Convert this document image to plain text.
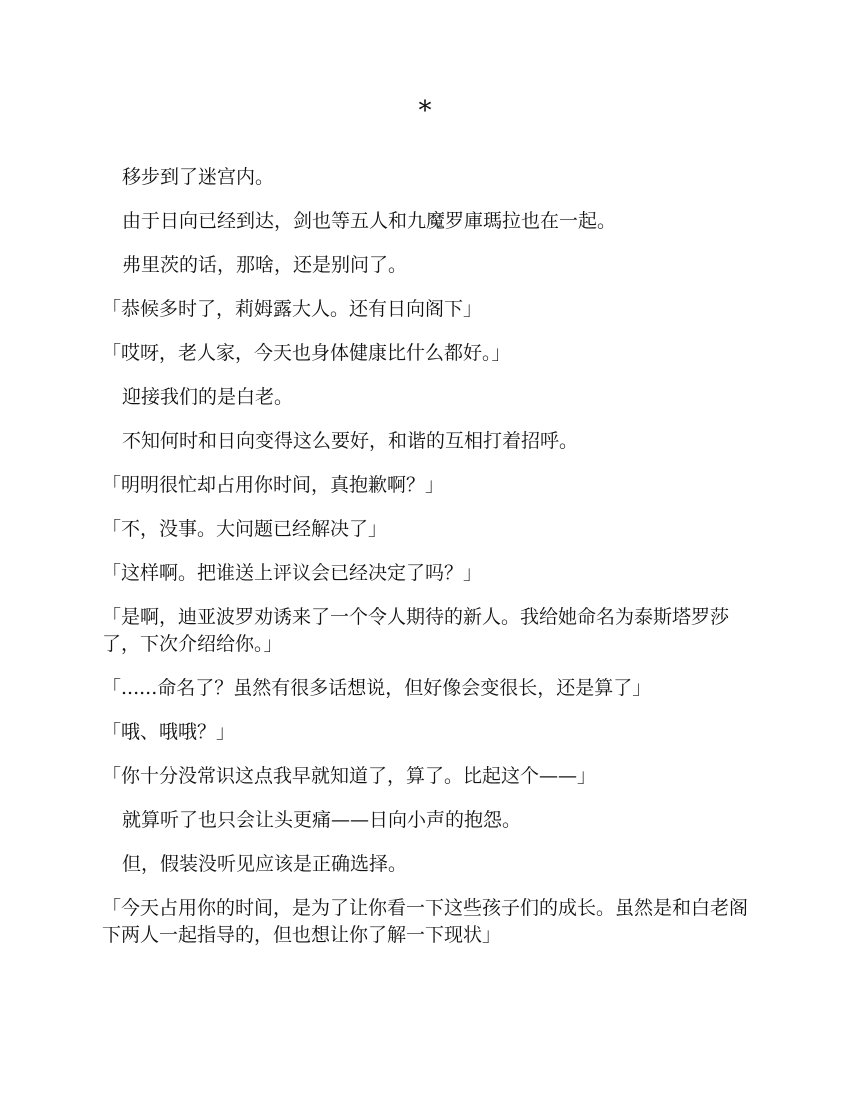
*

移步到了迷宫内。

由于日向已经到达，剑也等五人和九魔罗庫瑪拉也在一起。

弗里茨的话，那啥，还是别问了。

「恭候多时了，莉姆露大人。还有日向阁下」

「哎呀，老人家，今天也身体健康比什么都好。」

迎接我们的是白老。

不知何时和日向变得这么要好，和谐的互相打着招呼。

「明明很忙却占用你时间，真抱歉啊？」

「不，没事。大问题已经解决了」

「这样啊。把谁送上评议会已经决定了吗？」

「是啊，迪亚波罗劝诱来了一个令人期待的新人。我给她命名为泰斯塔罗莎了，下次介绍给你。」

「......命名了？虽然有很多话想说，但好像会变很长，还是算了」

「哦、哦哦？」

「你十分没常识这点我早就知道了，算了。比起这个——」

就算听了也只会让头更痛——日向小声的抱怨。

但，假装没听见应该是正确选择。

「今天占用你的时间，是为了让你看一下这些孩子们的成长。虽然是和白老阁下两人一起指导的，但也想让你了解一下现状」
